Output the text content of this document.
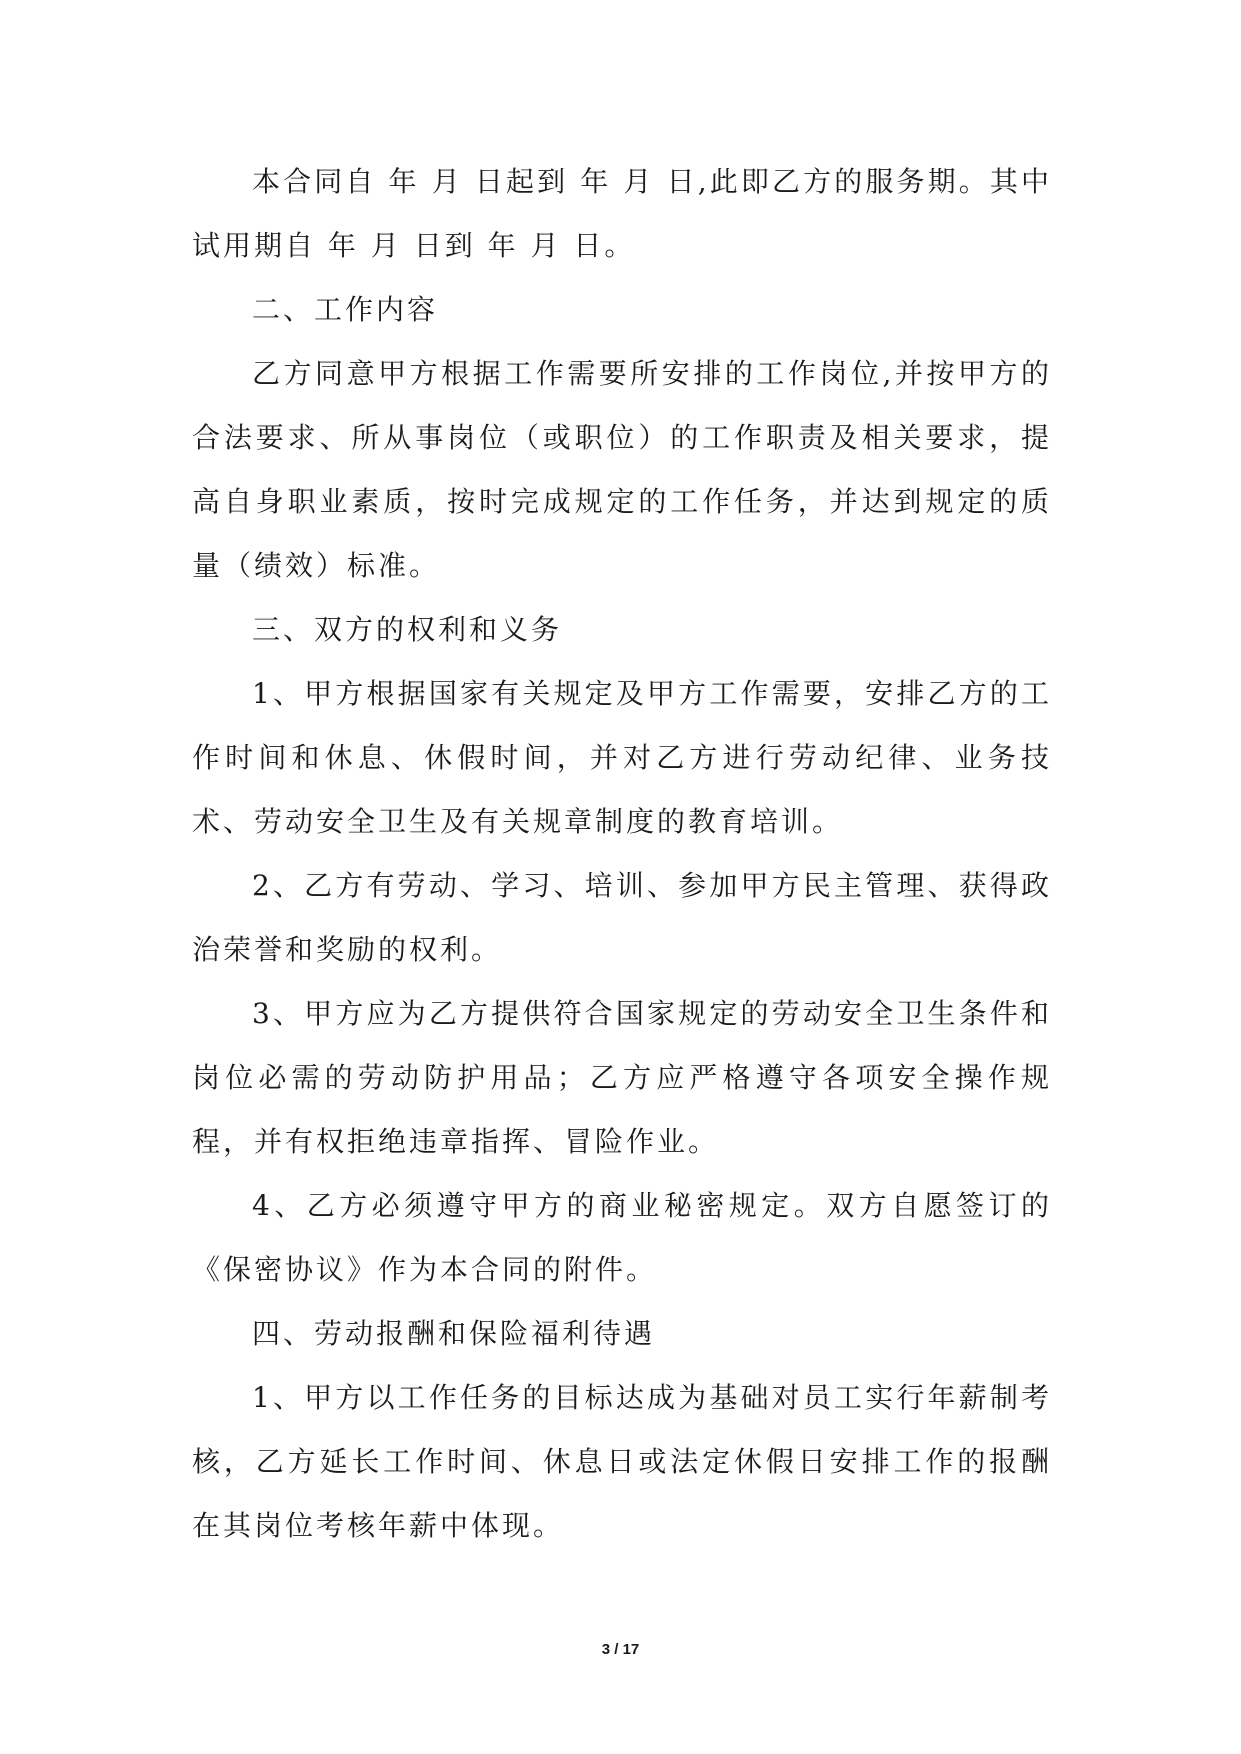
本合同自 年 月 日起到 年 月 日,此即乙方的服务期。其中试用期自 年 月 日到 年 月 日。

二、工作内容

乙方同意甲方根据工作需要所安排的工作岗位,并按甲方的合法要求、所从事岗位（或职位）的工作职责及相关要求，提高自身职业素质，按时完成规定的工作任务，并达到规定的质量（绩效）标准。

三、双方的权利和义务

1、甲方根据国家有关规定及甲方工作需要，安排乙方的工作时间和休息、休假时间，并对乙方进行劳动纪律、业务技术、劳动安全卫生及有关规章制度的教育培训。

2、乙方有劳动、学习、培训、参加甲方民主管理、获得政治荣誉和奖励的权利。

3、甲方应为乙方提供符合国家规定的劳动安全卫生条件和岗位必需的劳动防护用品；乙方应严格遵守各项安全操作规程，并有权拒绝违章指挥、冒险作业。

4、乙方必须遵守甲方的商业秘密规定。双方自愿签订的《保密协议》作为本合同的附件。

四、劳动报酬和保险福利待遇

1、甲方以工作任务的目标达成为基础对员工实行年薪制考核，乙方延长工作时间、休息日或法定休假日安排工作的报酬在其岗位考核年薪中体现。

3 / 17
